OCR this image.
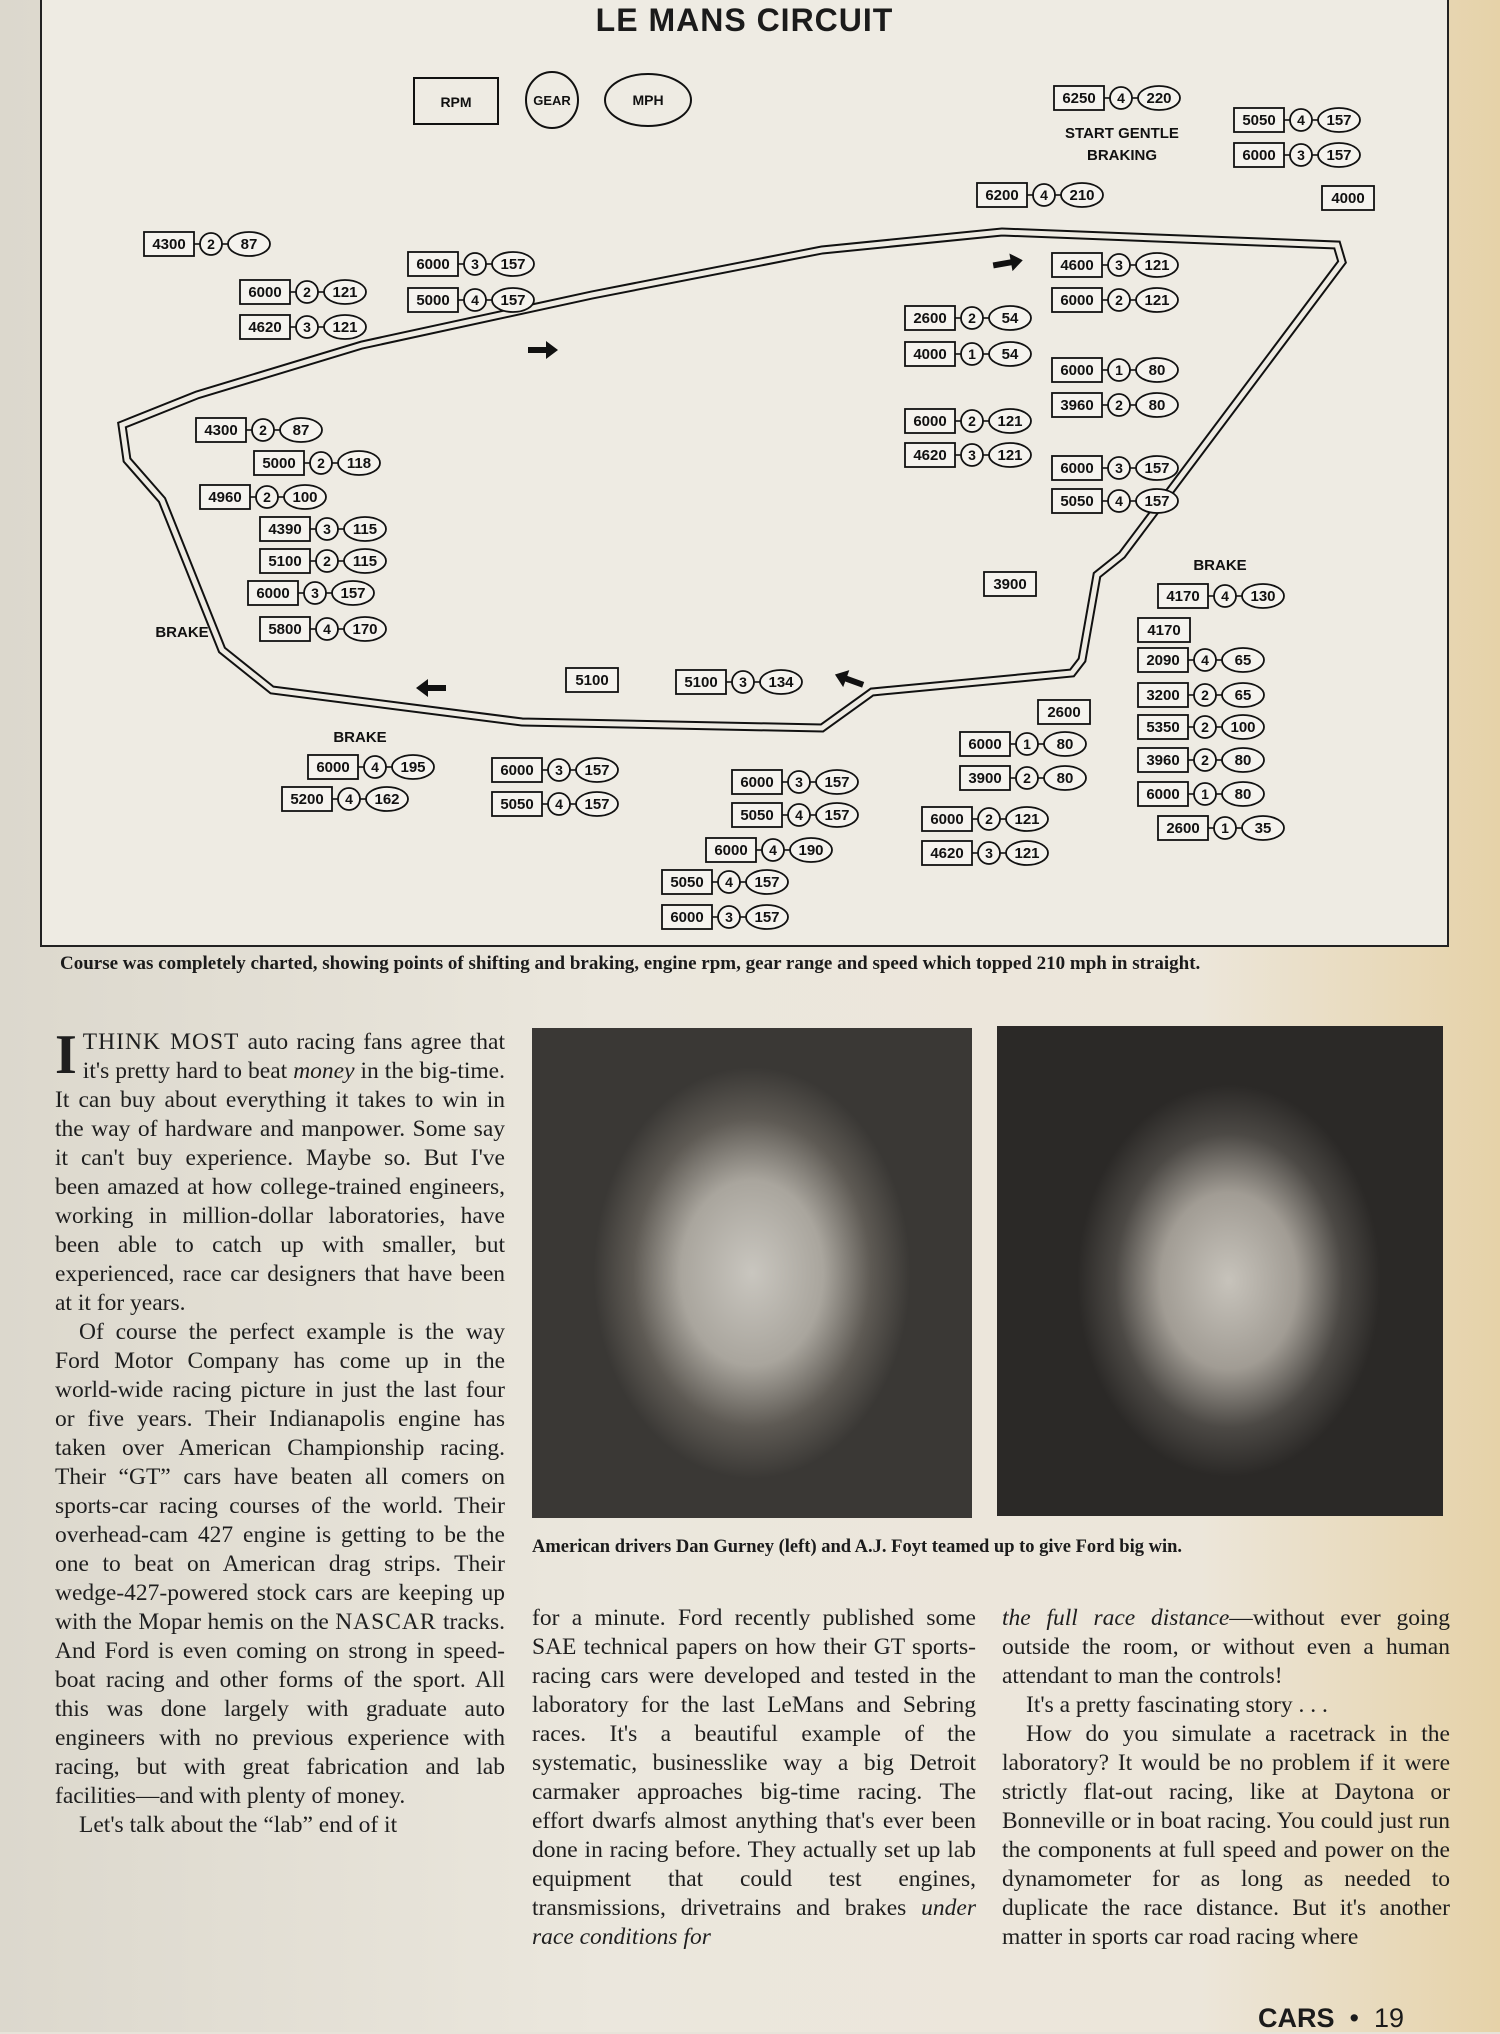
LE MANS CIRCUIT
RPM	GEAR	MPH	6250 4 220
5050 4 157
6000 3 157
6200 4 210
4300 2 87
6000 3 157
5000 4 157
6000 2 121
4620 3 121
4600 3 121
6000 2 121
2600 2 54
4000 1 54
6000 1 80
3960 2 80
6000 2 121
4620 3 121
6000 3 157
5050 4 157
4300 2 87
5000 2 118
4960 2 100
4390 3 115
5100 2 115
6000 3 157
5800 4 170
4170 4 130
2090 4 65
3200 2 65
5350 2 100
3960 2 80
6000 1 80
2600 1 35
5100 3 134
6000 1 80
3900 2 80
6000 2 121
4620 3 121
6000 4 195
5200 4 162
6000 3 157
5050 4 157
6000 3 157
5050 4 157
6000 4 190
5050 4 157
6000 3 157
4000
3900
4170
2600
5100
START GENTLE
BRAKING
BRAKE
BRAKE
BRAKE

Course was completely charted, showing points of shifting and braking, engine rpm, gear range and speed which topped 210 mph in straight.

American drivers Dan Gurney (left) and A.J. Foyt teamed up to give Ford big win.

ITHINK MOST auto racing fans agree that it's pretty hard to beat money in the big-time. It can buy about everything it takes to win in the way of hardware and manpower. Some say it can't buy experience. Maybe so. But I've been amazed at how college-trained engineers, working in million-dollar laboratories, have been able to catch up with smaller, but experienced, race car designers that have been at it for years.

Of course the perfect example is the way Ford Motor Company has come up in the world-wide racing picture in just the last four or five years. Their Indianapolis engine has taken over American Championship racing. Their “GT” cars have beaten all comers on sports-car racing courses of the world. Their overhead-cam 427 engine is getting to be the one to beat on American drag strips. Their wedge-427-powered stock cars are keeping up with the Mopar hemis on the NASCAR tracks. And Ford is even coming on strong in speed-boat racing and other forms of the sport. All this was done largely with graduate auto engineers with no previous experience with racing, but with great fabrication and lab facilities—and with plenty of money.

Let's talk about the “lab” end of it

for a minute. Ford recently published some SAE technical papers on how their GT sports-racing cars were developed and tested in the laboratory for the last LeMans and Sebring races. It's a beautiful example of the systematic, businesslike way a big Detroit carmaker approaches big-time racing. The effort dwarfs almost anything that's ever been done in racing before. They actually set up lab equipment that could test engines, transmissions, drivetrains and brakes under race conditions for

the full race distance—without ever going outside the room, or without even a human attendant to man the controls!

It's a pretty fascinating story . . .

How do you simulate a racetrack in the laboratory? It would be no problem if it were strictly flat-out racing, like at Daytona or Bonneville or in boat racing. You could just run the components at full speed and power on the dynamometer for as long as needed to duplicate the race distance. But it's another matter in sports car road racing where

CARS • 19
